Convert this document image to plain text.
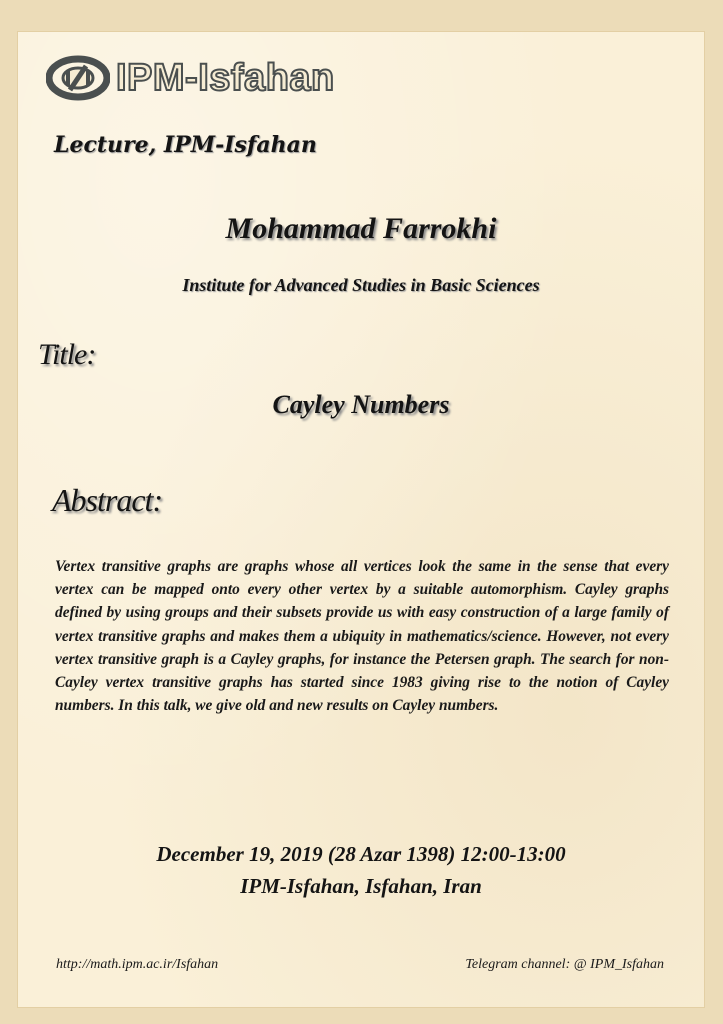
IPM-Isfahan
Lecture, IPM-Isfahan
Mohammad Farrokhi
Institute for Advanced Studies in Basic Sciences
Title:
Cayley Numbers
Abstract:
Vertex transitive graphs are graphs whose all vertices look the same in the sense that every vertex can be mapped onto every other vertex by a suitable automorphism. Cayley graphs defined by using groups and their subsets provide us with easy construction of a large family of vertex transitive graphs and makes them a ubiquity in mathematics/science. However, not every vertex transitive graph is a Cayley graphs, for instance the Petersen graph. The search for non-Cayley vertex transitive graphs has started since 1983 giving rise to the notion of Cayley numbers. In this talk, we give old and new results on Cayley numbers.
December 19, 2019 (28 Azar 1398) 12:00-13:00
IPM-Isfahan, Isfahan, Iran
http://math.ipm.ac.ir/Isfahan	Telegram channel: @ IPM_Isfahan
